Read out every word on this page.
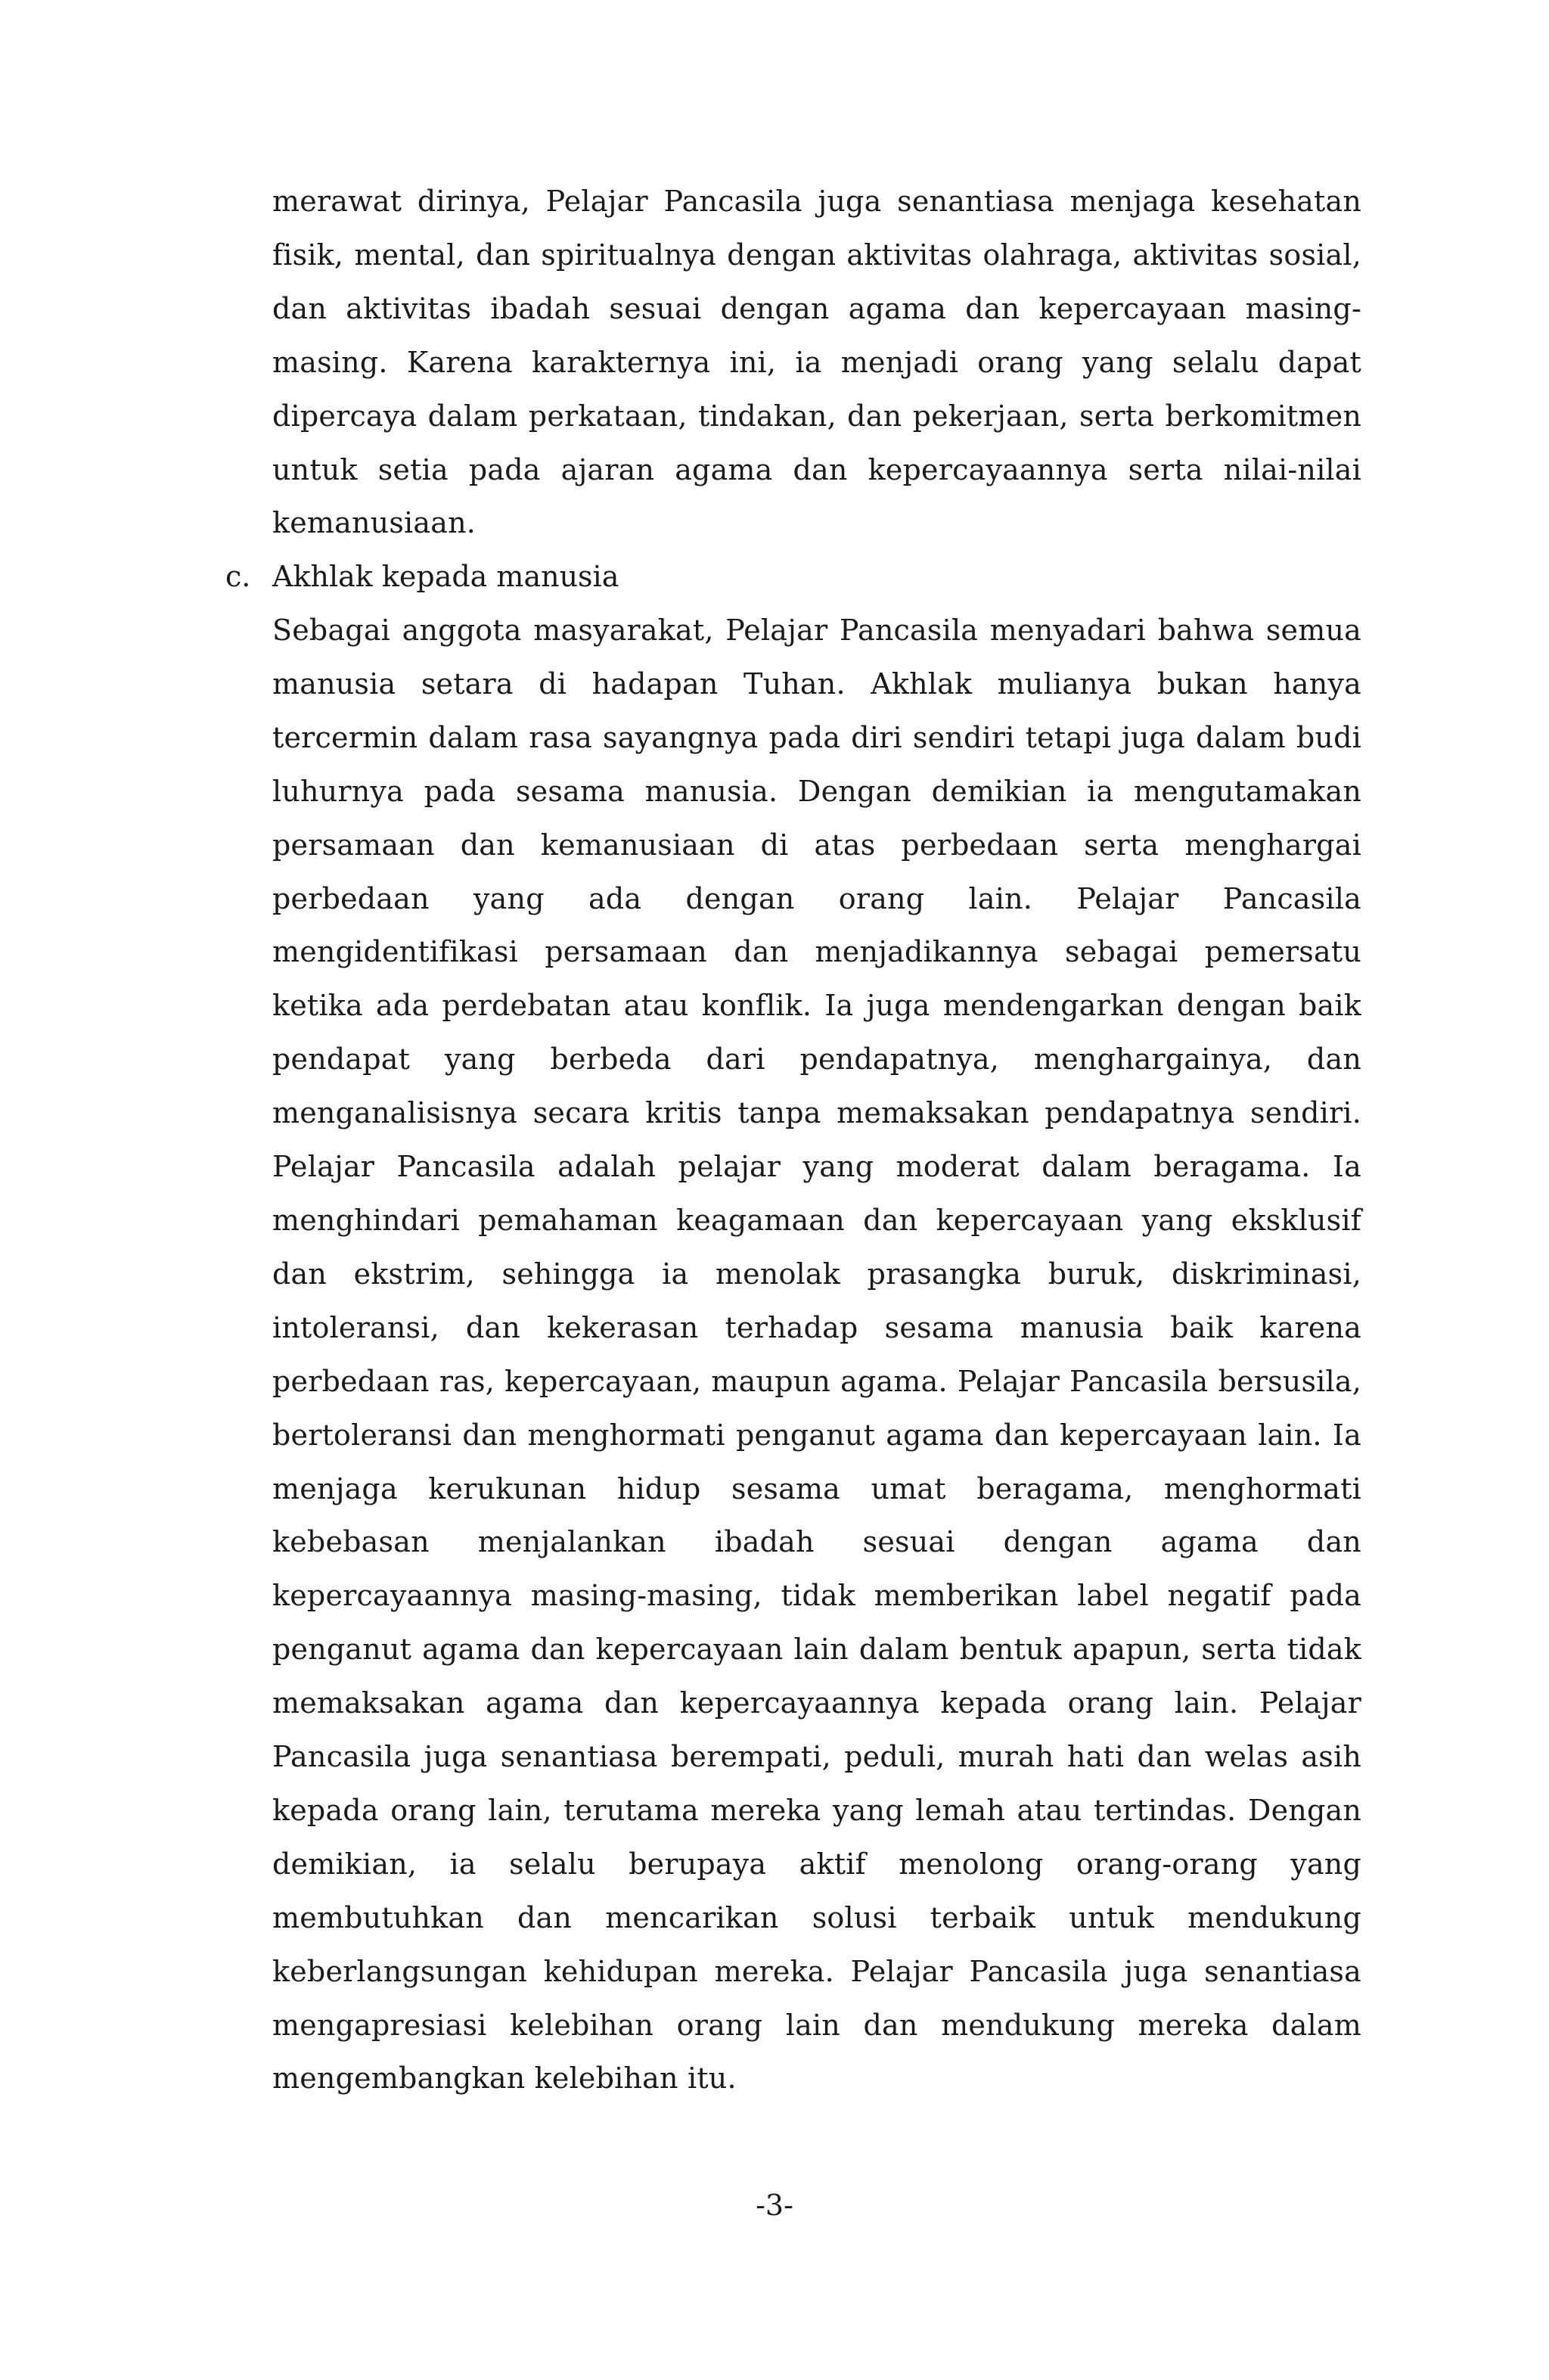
merawat dirinya, Pelajar Pancasila juga senantiasa menjaga kesehatan fisik, mental, dan spiritualnya dengan aktivitas olahraga, aktivitas sosial, dan aktivitas ibadah sesuai dengan agama dan kepercayaan masing-masing. Karena karakternya ini, ia menjadi orang yang selalu dapat dipercaya dalam perkataan, tindakan, dan pekerjaan, serta berkomitmen untuk setia pada ajaran agama dan kepercayaannya serta nilai-nilai kemanusiaan.

c. Akhlak kepada manusia

Sebagai anggota masyarakat, Pelajar Pancasila menyadari bahwa semua manusia setara di hadapan Tuhan. Akhlak mulianya bukan hanya tercermin dalam rasa sayangnya pada diri sendiri tetapi juga dalam budi luhurnya pada sesama manusia. Dengan demikian ia mengutamakan persamaan dan kemanusiaan di atas perbedaan serta menghargai perbedaan yang ada dengan orang lain. Pelajar Pancasila mengidentifikasi persamaan dan menjadikannya sebagai pemersatu ketika ada perdebatan atau konflik. Ia juga mendengarkan dengan baik pendapat yang berbeda dari pendapatnya, menghargainya, dan menganalisisnya secara kritis tanpa memaksakan pendapatnya sendiri. Pelajar Pancasila adalah pelajar yang moderat dalam beragama. Ia menghindari pemahaman keagamaan dan kepercayaan yang eksklusif dan ekstrim, sehingga ia menolak prasangka buruk, diskriminasi, intoleransi, dan kekerasan terhadap sesama manusia baik karena perbedaan ras, kepercayaan, maupun agama. Pelajar Pancasila bersusila, bertoleransi dan menghormati penganut agama dan kepercayaan lain. Ia menjaga kerukunan hidup sesama umat beragama, menghormati kebebasan menjalankan ibadah sesuai dengan agama dan kepercayaannya masing-masing, tidak memberikan label negatif pada penganut agama dan kepercayaan lain dalam bentuk apapun, serta tidak memaksakan agama dan kepercayaannya kepada orang lain. Pelajar Pancasila juga senantiasa berempati, peduli, murah hati dan welas asih kepada orang lain, terutama mereka yang lemah atau tertindas. Dengan demikian, ia selalu berupaya aktif menolong orang-orang yang membutuhkan dan mencarikan solusi terbaik untuk mendukung keberlangsungan kehidupan mereka. Pelajar Pancasila juga senantiasa mengapresiasi kelebihan orang lain dan mendukung mereka dalam mengembangkan kelebihan itu.

-3-
